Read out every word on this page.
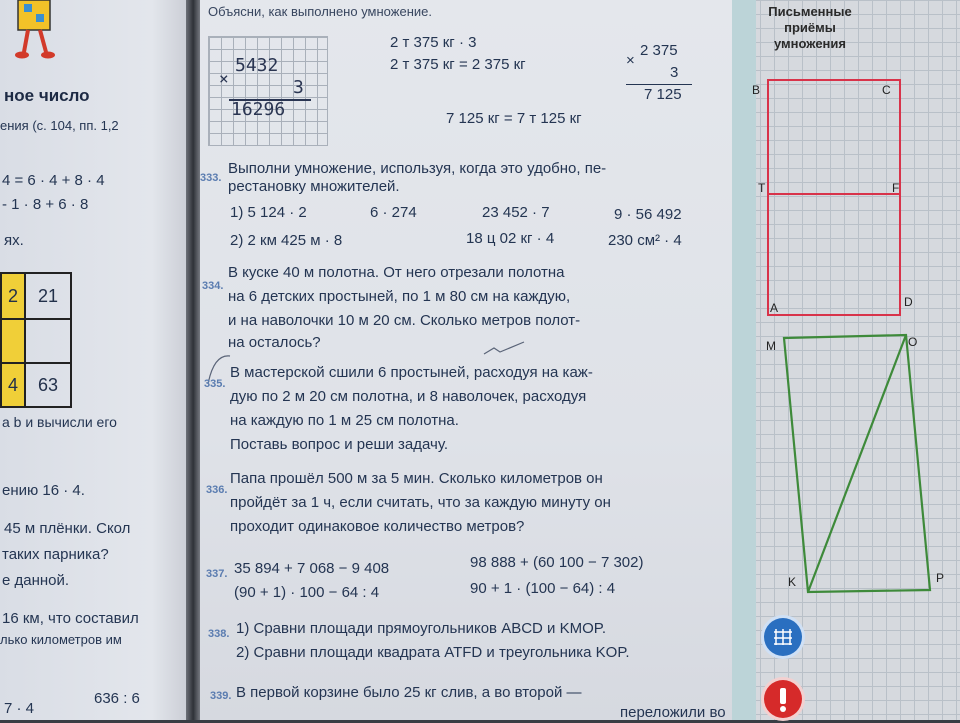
ное число
ения (с. 104, пп. 1,2
4 = 6 · 4 + 8 · 4
- 1 · 8 + 6 · 8
ях.
2	21
4	63
a b и вычисли его
ению 16 · 4.
45 м плёнки. Скол
таких парника?
е данной.
16 км, что составил
лько километров им
7 · 4
636 : 6
Объясни, как выполнено умножение.
5432
×	3
16296
2 т 375 кг · 3
2 т 375 кг = 2 375 кг
7 125 кг = 7 т 125 кг
2 375
×
3
7 125
333.
Выполни умножение, используя, когда это удобно, пе-
рестановку множителей.
1) 5 124 · 2	6 · 274	23 452 · 7	9 · 56 492
2) 2 км 425 м · 8	18 ц 02 кг · 4	230 см² · 4
334.
В куске 40 м полотна. От него отрезали полотна
на 6 детских простыней, по 1 м 80 см на каждую,
и на наволочки 10 м 20 см. Сколько метров полот-
на осталось?
335.
В мастерской сшили 6 простыней, расходуя на каж-
дую по 2 м 20 см полотна, и 8 наволочек, расходуя
на каждую по 1 м 25 см полотна.
Поставь вопрос и реши задачу.
336.
Папа прошёл 500 м за 5 мин. Сколько километров он
пройдёт за 1 ч, если считать, что за каждую минуту он
проходит одинаковое количество метров?
337. 35 894 + 7 068 − 9 408	98 888 + (60 100 − 7 302)
(90 + 1) · 100 − 64 : 4	90 + 1 · (100 − 64) : 4
338. 1) Сравни площади прямоугольников ABCD и KMOP.
2) Сравни площади квадрата ATFD и треугольника KOP.
339. В первой корзине было 25 кг слив, а во второй —
переложили во
Письменные
приёмы
умножения
B	C
T	F
A	D
M	O
K	P
